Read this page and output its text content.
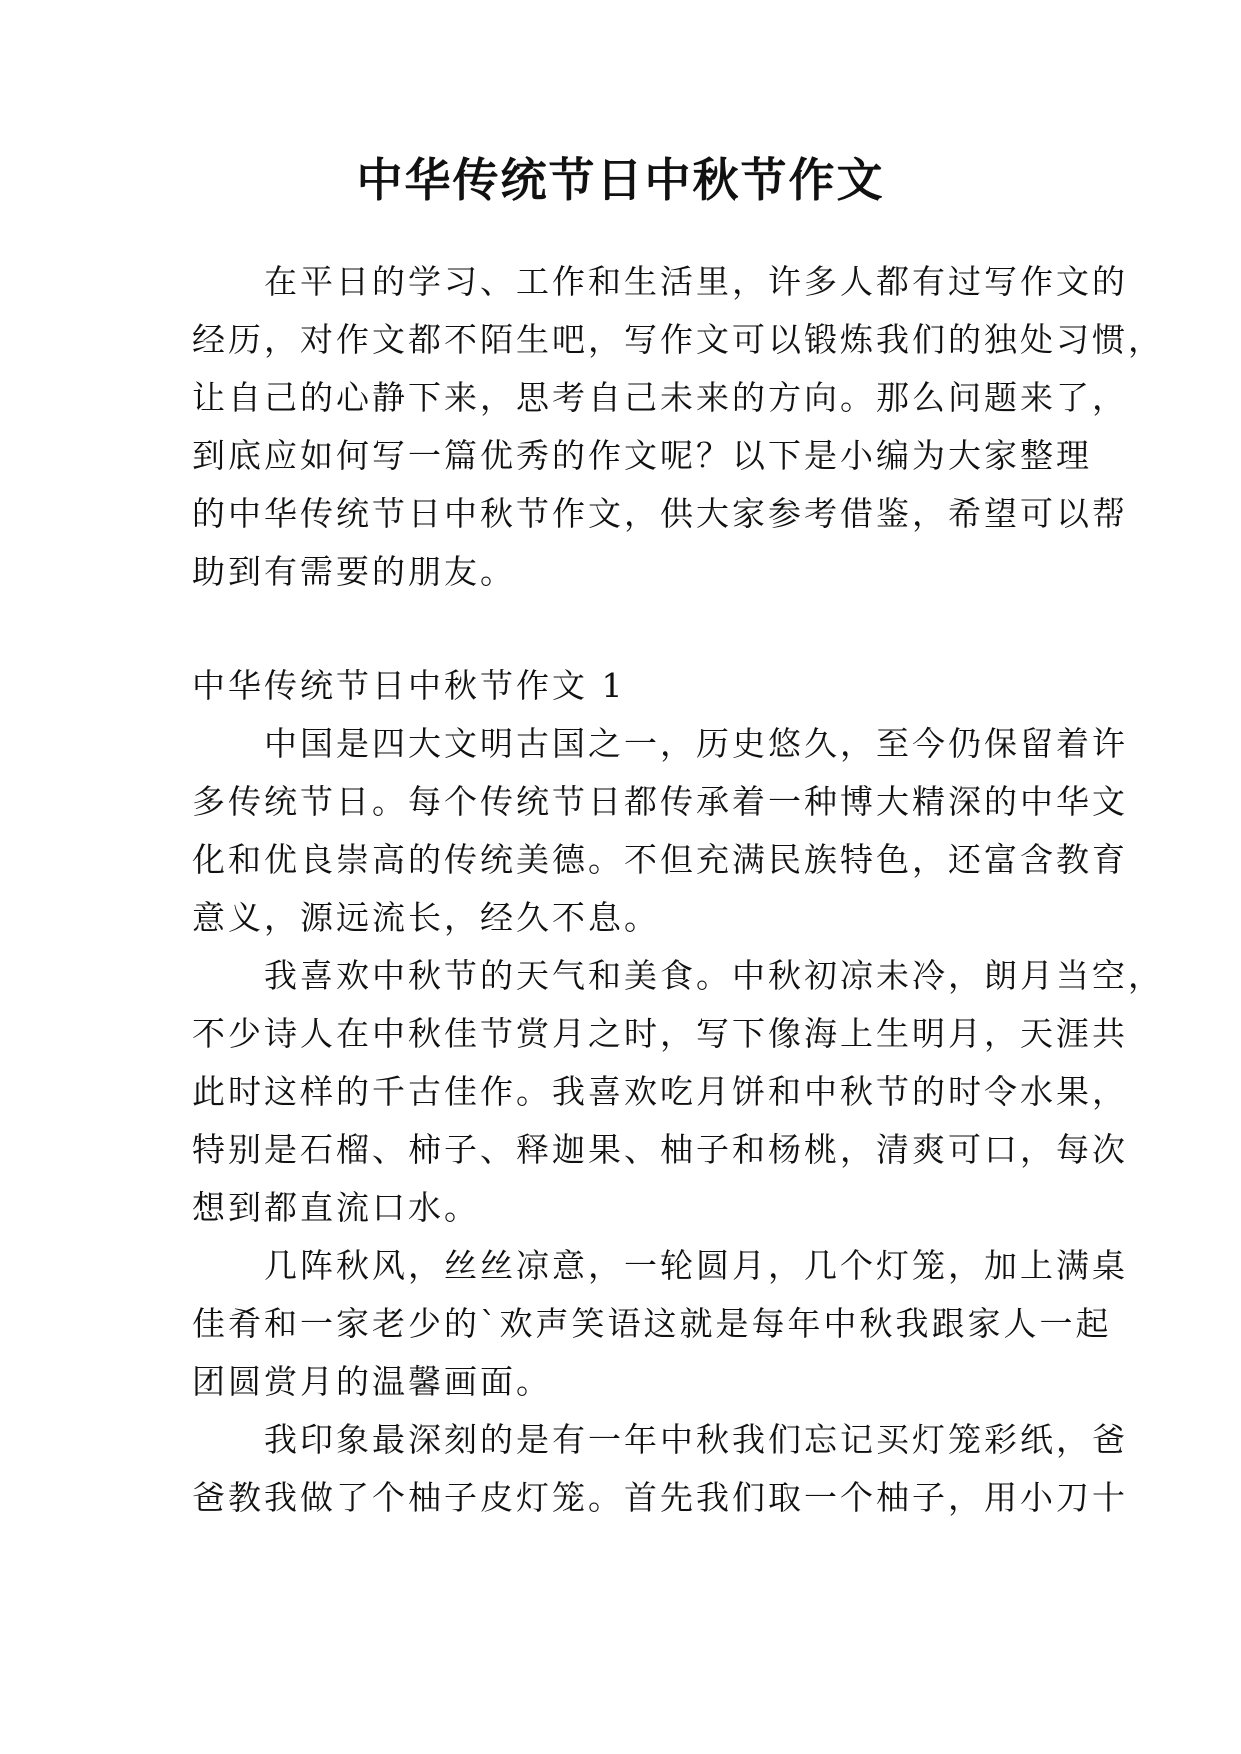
中华传统节日中秋节作文
　　在平日的学习、工作和生活里，许多人都有过写作文的
经历，对作文都不陌生吧，写作文可以锻炼我们的独处习惯，
让自己的心静下来，思考自己未来的方向。那么问题来了，
到底应如何写一篇优秀的作文呢？以下是小编为大家整理
的中华传统节日中秋节作文，供大家参考借鉴，希望可以帮
助到有需要的朋友。
中华传统节日中秋节作文 1
　　中国是四大文明古国之一，历史悠久，至今仍保留着许
多传统节日。每个传统节日都传承着一种博大精深的中华文
化和优良崇高的传统美德。不但充满民族特色，还富含教育
意义，源远流长，经久不息。
　　我喜欢中秋节的天气和美食。中秋初凉未冷，朗月当空，
不少诗人在中秋佳节赏月之时，写下像海上生明月，天涯共
此时这样的千古佳作。我喜欢吃月饼和中秋节的时令水果，
特别是石榴、柿子、释迦果、柚子和杨桃，清爽可口，每次
想到都直流口水。
　　几阵秋风，丝丝凉意，一轮圆月，几个灯笼，加上满桌
佳肴和一家老少的`欢声笑语这就是每年中秋我跟家人一起
团圆赏月的温馨画面。
　　我印象最深刻的是有一年中秋我们忘记买灯笼彩纸，爸
爸教我做了个柚子皮灯笼。首先我们取一个柚子，用小刀十
